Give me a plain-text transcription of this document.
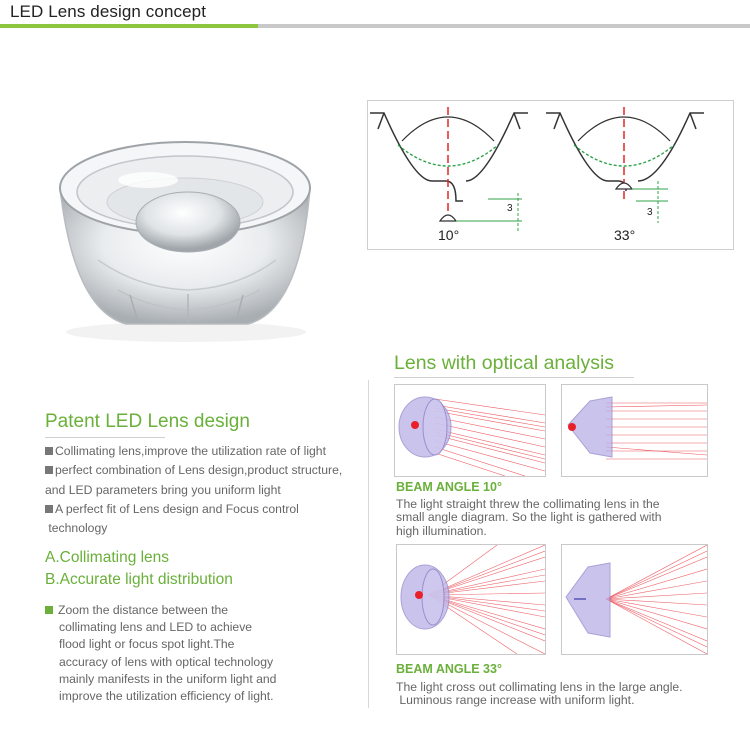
LED Lens design concept
10°	33°
3	3
Patent LED Lens design

Collimating lens,improve the utilization rate of light

perfect combination of Lens design,product structure,

and LED parameters bring you uniform light

A perfect fit of Lens design and Focus control

technology

A.Collimating lens
B.Accurate light distribution
Zoom the distance between the
collimating lens and LED to achieve
flood light or focus spot light.The
accuracy of lens with optical technology
mainly manifests in the uniform light and
improve the utilization efficiency of light.
Lens with optical analysis
BEAM ANGLE 10°
The light straight threw the collimating lens in the
small angle diagram. So the light is gathered with
high illumination.
BEAM ANGLE 33°
The light cross out collimating lens in the large angle.
Luminous range increase with uniform light.
